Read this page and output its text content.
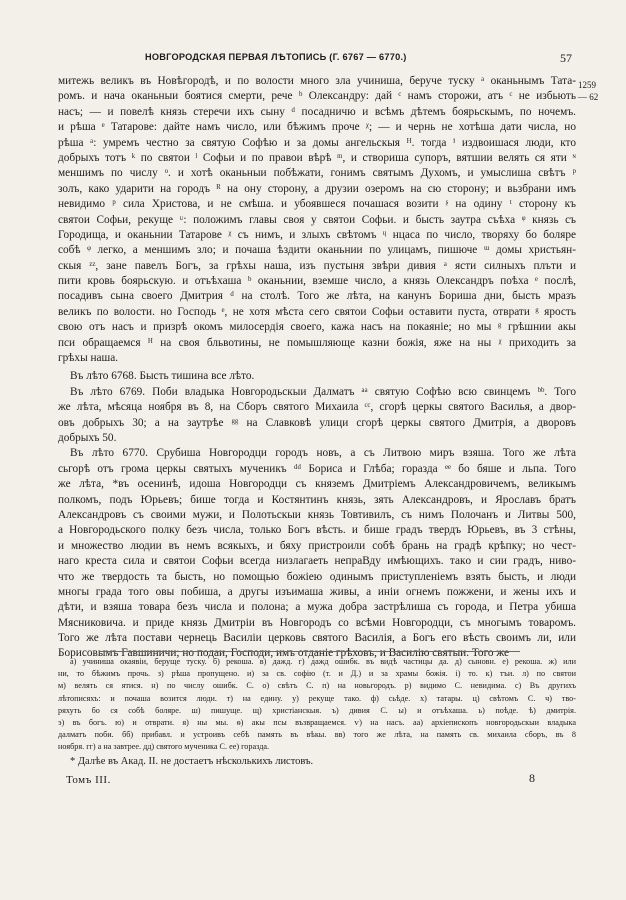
НОВГОРОДСКАЯ ПЕРВАЯ ЛѢТОПИСЬ (Г. 6767 — 6770.)	57
1259
— 62
митежь великъ въ Новѣгородѣ, и по волости много зла учинишa, беруче туску ᵃ оканьнымъ Тата-
ромъ. и нача оканьныи боятися смерти, рече ᵇ Олександру: дай ᶜ намъ сторожи, атъ ᶜ не избьють
насъ; — и повелѣ князь стеречи ихъ сыну ᵈ посадничю и всѣмъ дѣтемъ боярьскымъ, по ночемъ.
и рѣша ᵉ Татарове: дайте намъ число, или бѣжимъ проче ᵡ; — и чернь не хотѣша дати числа, но
рѣша ᵃ: умремъ честно за святую Софѣю и за домы ангельскыя ᴴ. тогда ⁱ издвоишася люди, кто
добрыхъ тотъ ᵏ по святои ˡ Софьи и по правои вѣрѣ ᵐ, и створиша супоръ, вятшии велять ся яти ᶰ
меншимъ по числу ᵒ. и хотѣ оканьныи побѣжати, гонимъ святымъ Духомъ, и умыслиша свѣтъ ᵖ
золъ, како ударити на городъ ᴿ на ону сторону, а друзии озеромъ на сю сторону; и вьзбрани имъ
невидимо ᵖ сила Христова, и не смѣша. и убоявшеся почашася возити ᶳ на одину ᵗ сторону къ
святои Софьи, рекуще ᶸ: положимъ главы своя у святои Софьи. и бысть заутра съѣха ᵠ князь съ
Городища, и оканьнии Татарове ᵡ съ нимъ, и злыхъ свѣтомъ ᶣ нцаса по число, творяху бо боляре
собѣ ᵠ легко, а меншимъ зло; и почаша ѣздити оканьнии по улицамъ, пишюче ᵚ домы христьян-
скыя ᶻᶻ, зане павелъ Богъ, за грѣхы наша, изъ пустыня звѣри дивия ᵃ ясти силныхъ плъти и
пити кровь боярьскую. и отъѣхаша ᵇ оканьнии, вземше число, а князь Олександръ поѣха ᵉ послѣ,
посадивъ сына своего Дмитрия ᵈ на столѣ. Того же лѣта, на канунъ Бориша дни, бысть мразъ
великъ по волости. но Господь ᵉ, не хотя мѣста сего святои Софьи оставити пуста, отврати ᵍ ярость
свою отъ насъ и призрѣ окомъ милосердія своего, кажа насъ на покаяніе; но мы ᵍ грѣшнии акы
пси обращаемся ᴴ на своя бльвотины, не помышляюще казни божія, яже на ны ᵡ приходить за
грѣхы наша.
Въ лѣто 6768. Бысть тишина все лѣто.
Въ лѣто 6769. Поби владыка Новгородьскыи Далматъ ᵃᵃ святую Софѣю всю свинцемъ ᵇᵇ. Того
же лѣта, мѣсяца ноября въ 8, на Сборъ святого Михаила ᶜᶜ, сгорѣ церкы святого Василья, а двор-
овъ добрыхъ 30; а на заутрѣе ᵍᵍ на Славковѣ улици сгорѣ церкы святого Дмитрія, а дворовъ
добрыхъ 50.
Въ лѣто 6770. Срубиша Новгородци городъ новъ, а съ Литвою миръ взяша. Того же лѣта
сьгорѣ отъ грома церкы святыхъ мученикъ ᵈᵈ Бориса и Глѣба; гораздa ᵉᵉ бо бяше и льпа. Того
же лѣта, *въ осенинѣ, идоша Новгородци съ княземъ Дмитріемъ Александровичемъ, великымъ
полкомъ, подъ Юрьевъ; бише тогда и Костянтинъ князь, зять Александровъ, и Ярославъ братъ
Александровъ съ своими мужи, и Полотьскыи князь Товтивилъ, съ нимъ Полочанъ и Литвы 500,
а Новгородьского полку безъ числа, только Богъ вѣсть. и бише градъ твердъ Юрьевъ, въ 3 стѣны,
и множество людии въ немъ всякыхъ, и бяху пристроили собѣ брань на градѣ крѣпку; но чест-
наго креста сила и святои Софьи всегда низлагаеть непраВду имѣющихъ. такo и сии градъ, нивo-
что же твердость та бысть, но помощью божіею одинымъ приступленіемъ взять бысть, и люди
многы града того овы побиша, а другы изъимаша живы, а иніи огнемъ пожжени, и жены ихъ и
дѣти, и взяша товара безъ числа и полона; а мужа добра застрѣлиша съ города, и Петра убиша
Мясниковича. и приде князь Дмитріи въ Новгородъ со всѣми Новгородци, съ многымъ товаромъ.
Того же лѣта постави чернець Василіи церковь святого Василія, а Богъ его вѣсть своимъ ли, или
Борисовымъ Гавшиничи; но подаи, Господи, имъ отданіе грѣховъ, и Василію святыи. Того же
а) учиниша окаявіи, беруще туску. б) рекоша. в) дажд. г) дажд ошибк. въ видѣ частицы да. д) сыновн. е) рекоша. ж) или
ни, то бѣжимъ прочь. з) рѣша пропущено. и) за св. софію (т. и Д.) и за храмы божія. і) то. к) тъи. л) по святои
м) велять ся ятися. н) по числу ошибк. С. о) свѣтъ С. п) на новьгородъ. р) видимо С. невидима. с) Въ другихъ
лѣтописяхъ: и почаша возится люди. т) на едину. у) рекуще тако. ф) сьѣде. х) татары. ц) свѣтомъ С. ч) тво-
ряхуть бо ся собѣ боляре. ш) пишуще. щ) христіанскыя. ъ) дивия С. ы) и отъѣхаша. ь) поѣде. ѣ) дмитрія.
э) въ богъ. ю) и отврати. я) ны мы. ѳ) акы псы възвращаемся. ѵ) на насъ. аа) архіепископъ новгородьскыи владыка
далматъ поби. бб) прибавл. и устроивъ себѣ память въ вѣкы. вв) того же лѣта, на память св. михаила сборъ, въ 8
ноября. гг) а на завтрее. дд) святого мученика С. ее) гораздa.
* Далѣе въ Акад. II. не достаетъ нѣсколькихъ листовъ.
Томъ III.	8
